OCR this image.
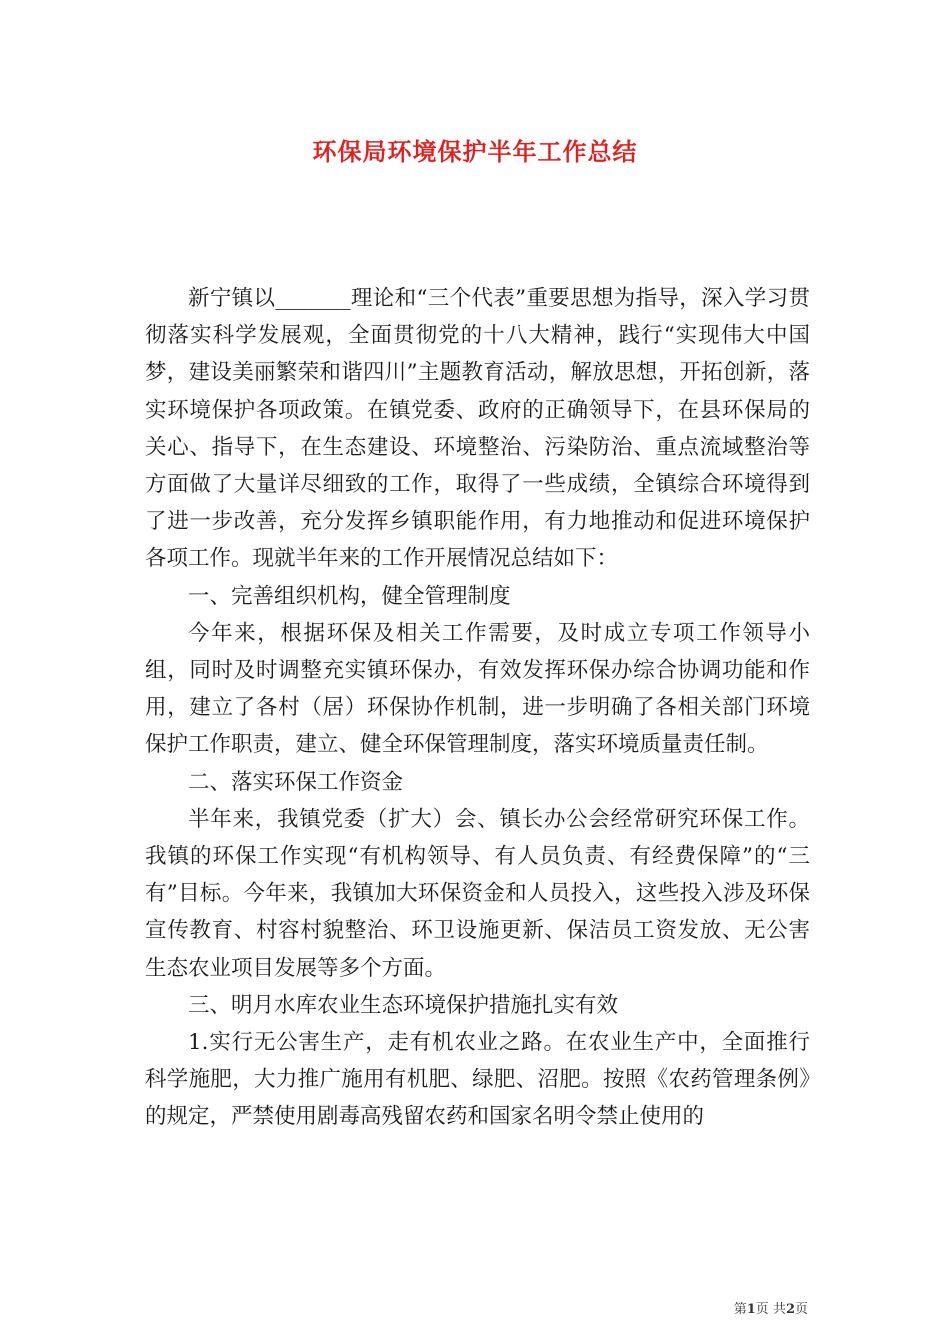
环保局环境保护半年工作总结

新宁镇以_______理论和“三个代表”重要思想为指导，深入学习贯彻落实科学发展观，全面贯彻党的十八大精神，践行“实现伟大中国梦，建设美丽繁荣和谐四川”主题教育活动，解放思想，开拓创新，落实环境保护各项政策。在镇党委、政府的正确领导下，在县环保局的关心、指导下，在生态建设、环境整治、污染防治、重点流域整治等方面做了大量详尽细致的工作，取得了一些成绩，全镇综合环境得到了进一步改善，充分发挥乡镇职能作用，有力地推动和促进环境保护各项工作。现就半年来的工作开展情况总结如下：

一、完善组织机构，健全管理制度

今年来，根据环保及相关工作需要，及时成立专项工作领导小组，同时及时调整充实镇环保办，有效发挥环保办综合协调功能和作用，建立了各村（居）环保协作机制，进一步明确了各相关部门环境保护工作职责，建立、健全环保管理制度，落实环境质量责任制。

二、落实环保工作资金

半年来，我镇党委（扩大）会、镇长办公会经常研究环保工作。我镇的环保工作实现“有机构领导、有人员负责、有经费保障”的“三有”目标。今年来，我镇加大环保资金和人员投入，这些投入涉及环保宣传教育、村容村貌整治、环卫设施更新、保洁员工资发放、无公害生态农业项目发展等多个方面。

三、明月水库农业生态环境保护措施扎实有效

1.实行无公害生产，走有机农业之路。在农业生产中，全面推行科学施肥，大力推广施用有机肥、绿肥、沼肥。按照《农药管理条例》的规定，严禁使用剧毒高残留农药和国家名明令禁止使用的

第1页 共2页
